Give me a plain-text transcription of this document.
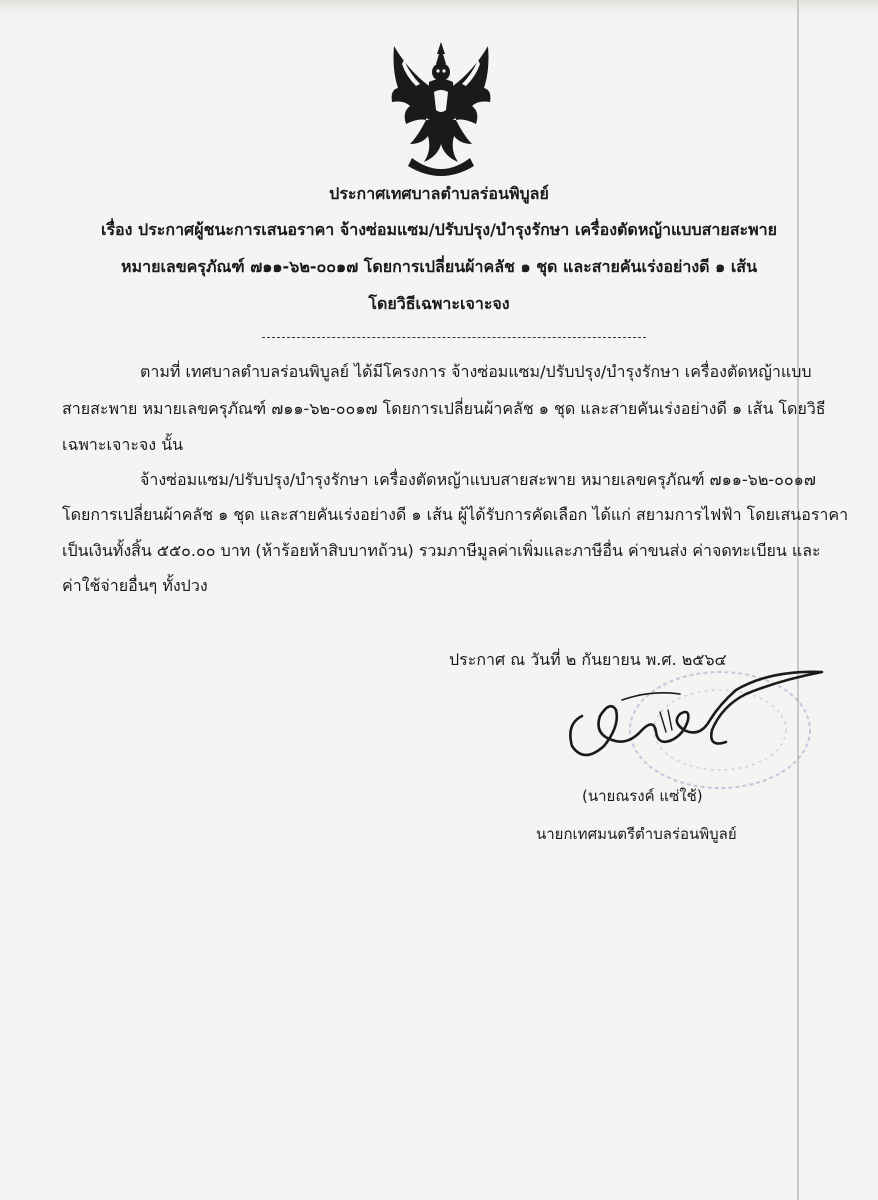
ประกาศเทศบาลตำบลร่อนพิบูลย์
เรื่อง ประกาศผู้ชนะการเสนอราคา จ้างซ่อมแซม/ปรับปรุง/บำรุงรักษา เครื่องตัดหญ้าแบบสายสะพาย
หมายเลขครุภัณฑ์ ๗๑๑-๖๒-๐๐๑๗ โดยการเปลี่ยนผ้าคลัช ๑ ชุด และสายคันเร่งอย่างดี ๑ เส้น
โดยวิธีเฉพาะเจาะจง
ตามที่ เทศบาลตำบลร่อนพิบูลย์ ได้มีโครงการ จ้างซ่อมแซม/ปรับปรุง/บำรุงรักษา เครื่องตัดหญ้าแบบ
สายสะพาย หมายเลขครุภัณฑ์ ๗๑๑-๖๒-๐๐๑๗ โดยการเปลี่ยนผ้าคลัช ๑ ชุด และสายคันเร่งอย่างดี ๑ เส้น โดยวิธี
เฉพาะเจาะจง นั้น
จ้างซ่อมแซม/ปรับปรุง/บำรุงรักษา เครื่องตัดหญ้าแบบสายสะพาย หมายเลขครุภัณฑ์ ๗๑๑-๖๒-๐๐๑๗
โดยการเปลี่ยนผ้าคลัช ๑ ชุด และสายคันเร่งอย่างดี ๑ เส้น ผู้ได้รับการคัดเลือก ได้แก่ สยามการไฟฟ้า โดยเสนอราคา
เป็นเงินทั้งสิ้น ๕๕๐.๐๐ บาท (ห้าร้อยห้าสิบบาทถ้วน) รวมภาษีมูลค่าเพิ่มและภาษีอื่น ค่าขนส่ง ค่าจดทะเบียน และ
ค่าใช้จ่ายอื่นๆ ทั้งปวง
ประกาศ ณ วันที่ ๒ กันยายน พ.ศ. ๒๕๖๔
(นายณรงค์ แซ่ใช้)
นายกเทศมนตรีตำบลร่อนพิบูลย์
